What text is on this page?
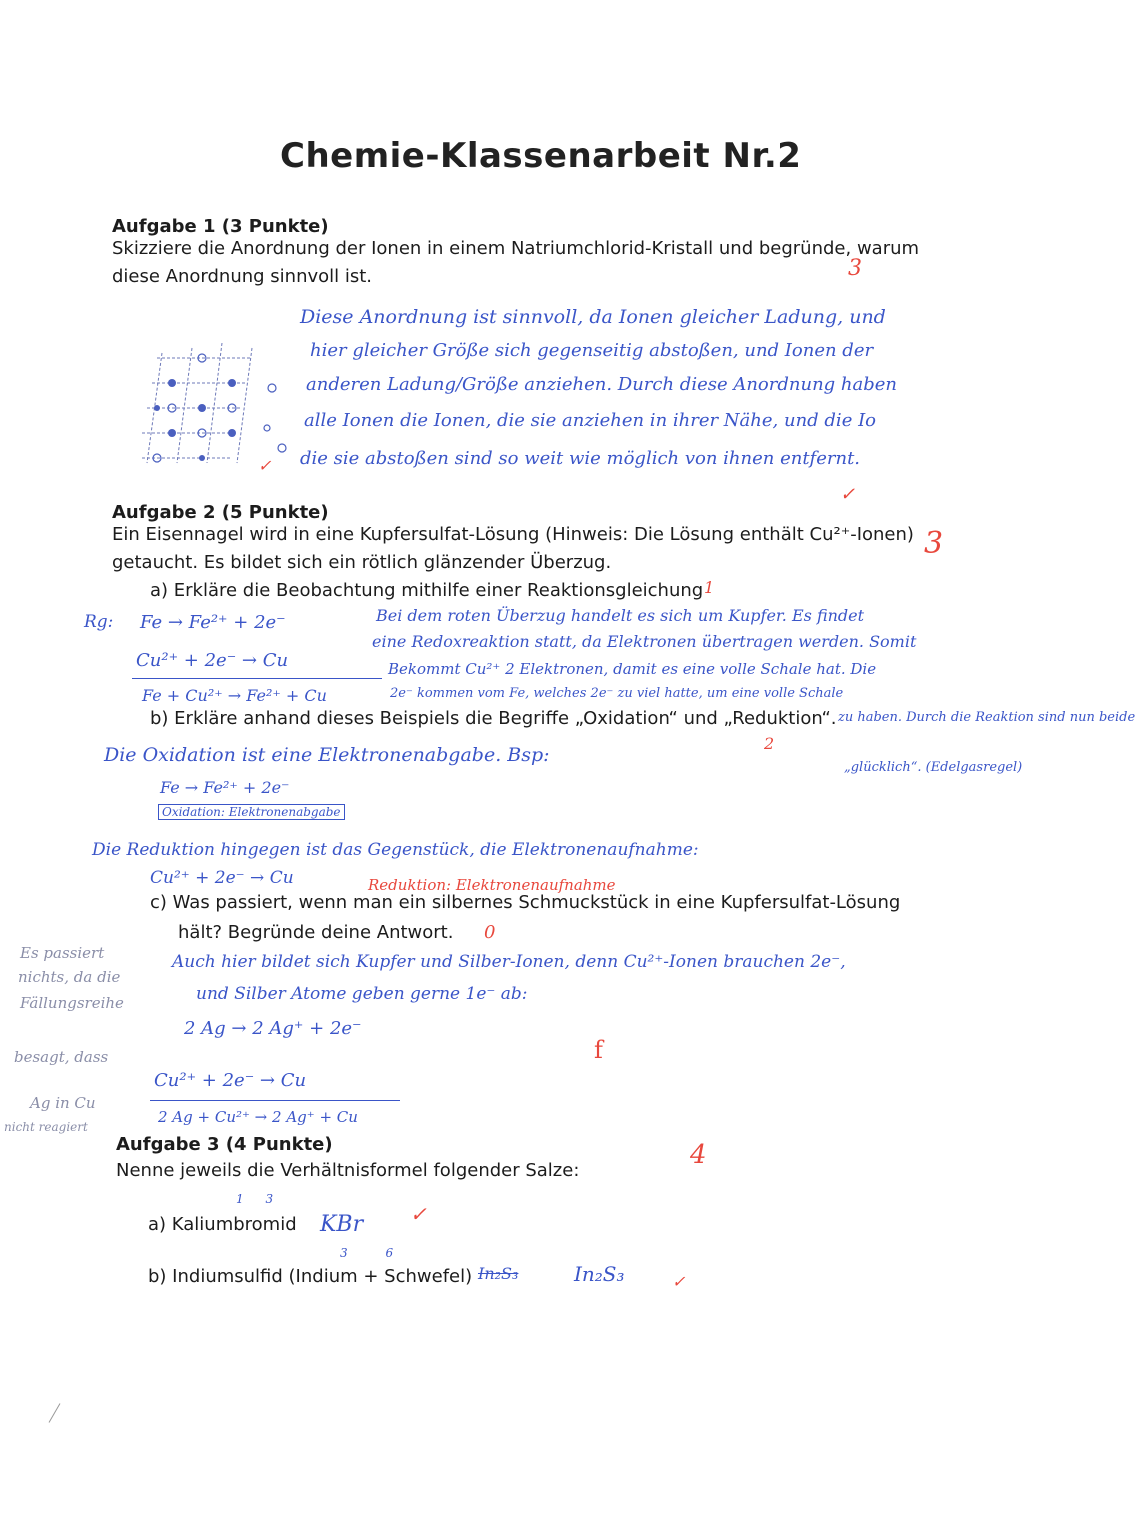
Chemie-Klassenarbeit Nr.2
Aufgabe 1 (3 Punkte)
Skizziere die Anordnung der Ionen in einem Natriumchlorid-Kristall und begründe, warum
diese Anordnung sinnvoll ist.	3
✓
Diese Anordnung ist sinnvoll, da Ionen gleicher Ladung, und
hier gleicher Größe sich gegenseitig abstoßen, und Ionen der
anderen Ladung/Größe anziehen. Durch diese Anordnung haben
alle Ionen die Ionen, die sie anziehen in ihrer Nähe, und die Io
die sie abstoßen sind so weit wie möglich von ihnen entfernt.
✓
Aufgabe 2 (5 Punkte)
Ein Eisennagel wird in eine Kupfersulfat-Lösung (Hinweis: Die Lösung enthält Cu²⁺-Ionen)
getaucht. Es bildet sich ein rötlich glänzender Überzug.
3
a) Erkläre die Beobachtung mithilfe einer Reaktionsgleichung 1
Rg: Fe → Fe²⁺ + 2e⁻
Cu²⁺ + 2e⁻ → Cu
Fe + Cu²⁺ → Fe²⁺ + Cu
Bei dem roten Überzug handelt es sich um Kupfer. Es findet
eine Redoxreaktion statt, da Elektronen übertragen werden. Somit
Bekommt Cu²⁺ 2 Elektronen, damit es eine volle Schale hat. Die
2e⁻ kommen vom Fe, welches 2e⁻ zu viel hatte, um eine volle Schale
zu haben. Durch die Reaktion sind nun beide
„glücklich“. (Edelgasregel)
b) Erkläre anhand dieses Beispiels die Begriffe „Oxidation“ und „Reduktion“.
2
Die Oxidation ist eine Elektronenabgabe. Bsp:
Fe → Fe²⁺ + 2e⁻
Oxidation: Elektronenabgabe
Die Reduktion hingegen ist das Gegenstück, die Elektronenaufnahme:
Cu²⁺ + 2e⁻ → Cu	Reduktion: Elektronenaufnahme
c) Was passiert, wenn man ein silbernes Schmuckstück in eine Kupfersulfat-Lösung
hält? Begründe deine Antwort. 0
Auch hier bildet sich Kupfer und Silber-Ionen, denn Cu²⁺-Ionen brauchen 2e⁻,
und Silber Atome geben gerne 1e⁻ ab:
2 Ag → 2 Ag⁺ + 2e⁻
Cu²⁺ + 2e⁻ → Cu
2 Ag + Cu²⁺ → 2 Ag⁺ + Cu
f
Es passiert
nichts, da die
Fällungsreihe
besagt, dass
Ag in Cu
nicht reagiert
Aufgabe 3 (4 Punkte)
Nenne jeweils die Verhältnisformel folgender Salze:
4
1 3
a) Kaliumbromid KBr ✓
3 6
b) Indiumsulfid (Indium + Schwefel) In₂S₃	In₂S₃	✓
